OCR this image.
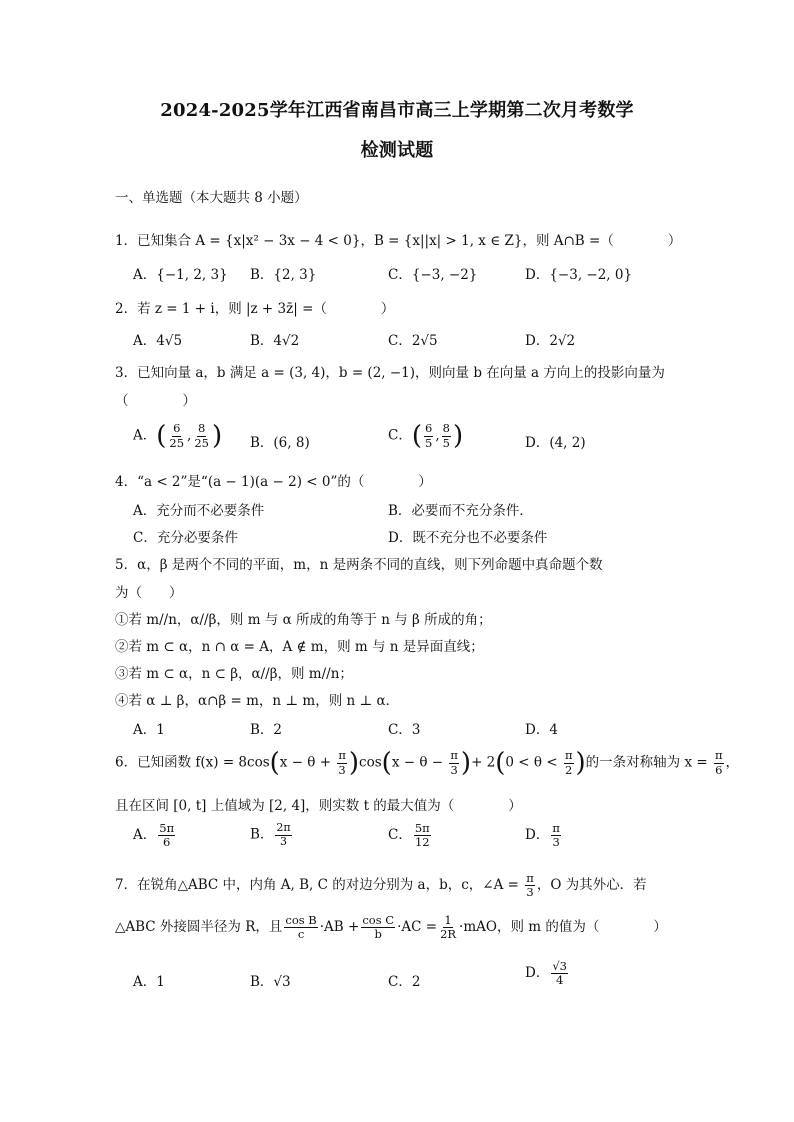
2024-2025学年江西省南昌市高三上学期第二次月考数学
检测试题
一、单选题（本大题共 8 小题）
1．已知集合 A = {x|x² − 3x − 4 < 0}，B = {x||x| > 1, x ∈ Z}，则 A∩B =（　　　　）
A．{−1, 2, 3} B．{2, 3}	C．{−3, −2}	D．{−3, −2, 0}
2．若 z = 1 + i，则 |z + 3z̄| =（　　　　）
A．4√5	B．4√2	C．2√5	D．2√2
3．已知向量 a，b 满足 a = (3, 4)，b = (2, −1)，则向量 b 在向量 a 方向上的投影向量为
（　　　　）
A．( $\frac{6}{25}$ , $\frac{8}{25}$ ) B．(6, 8)	C．( $\frac{6}{5}$ , $\frac{8}{5}$ )	D．(4, 2)
4．“a < 2”是“(a − 1)(a − 2) < 0”的（　　　　）
A．充分而不必要条件	B．必要而不充分条件．
C．充分必要条件	D．既不充分也不必要条件
5．α，β 是两个不同的平面，m，n 是两条不同的直线，则下列命题中真命题个数
为（　　）
①若 m//n，α//β，则 m 与 α 所成的角等于 n 与 β 所成的角；
②若 m ⊂ α，n ∩ α = A，A ∉ m，则 m 与 n 是异面直线；
③若 m ⊂ α，n ⊂ β，α//β，则 m//n；
④若 α ⊥ β，α∩β = m，n ⊥ m，则 n ⊥ α．
A．1	B．2	C．3	D．4
6．已知函数 $f(x) = 8\cos(x - \theta + \frac{\pi}{3} )\cos(x - \theta - \frac{\pi}{3}$ )+ $2(0 < \theta < \frac{\pi}{2}$ )的一条对称轴为 $x = \frac{\pi}{6}$ ，
且在区间 [0, t] 上值域为 [2, 4]，则实数 t 的最大值为（　　　　）
A． $\frac{5\pi}{6}$	B． $\frac{2\pi}{3}$	C． $\frac{5\pi}{12}$	D． $\frac{\pi}{3}$
7．在锐角△ABC 中，内角 A, B, C 的对边分别为 a，b，c，∠A = $\frac{\pi}{3}$ ，O 为其外心．若
△ABC 外接圆半径为 R，且 $\frac{\text{cos B}}{c} \cdot AB + \frac{\text{cos C}}{b} \cdot AC = \frac{1}{2R} \cdot mAO$，则 m 的值为（　　　　）
A．1	B．√3	C．2
D． $\frac{√3}{4}$
